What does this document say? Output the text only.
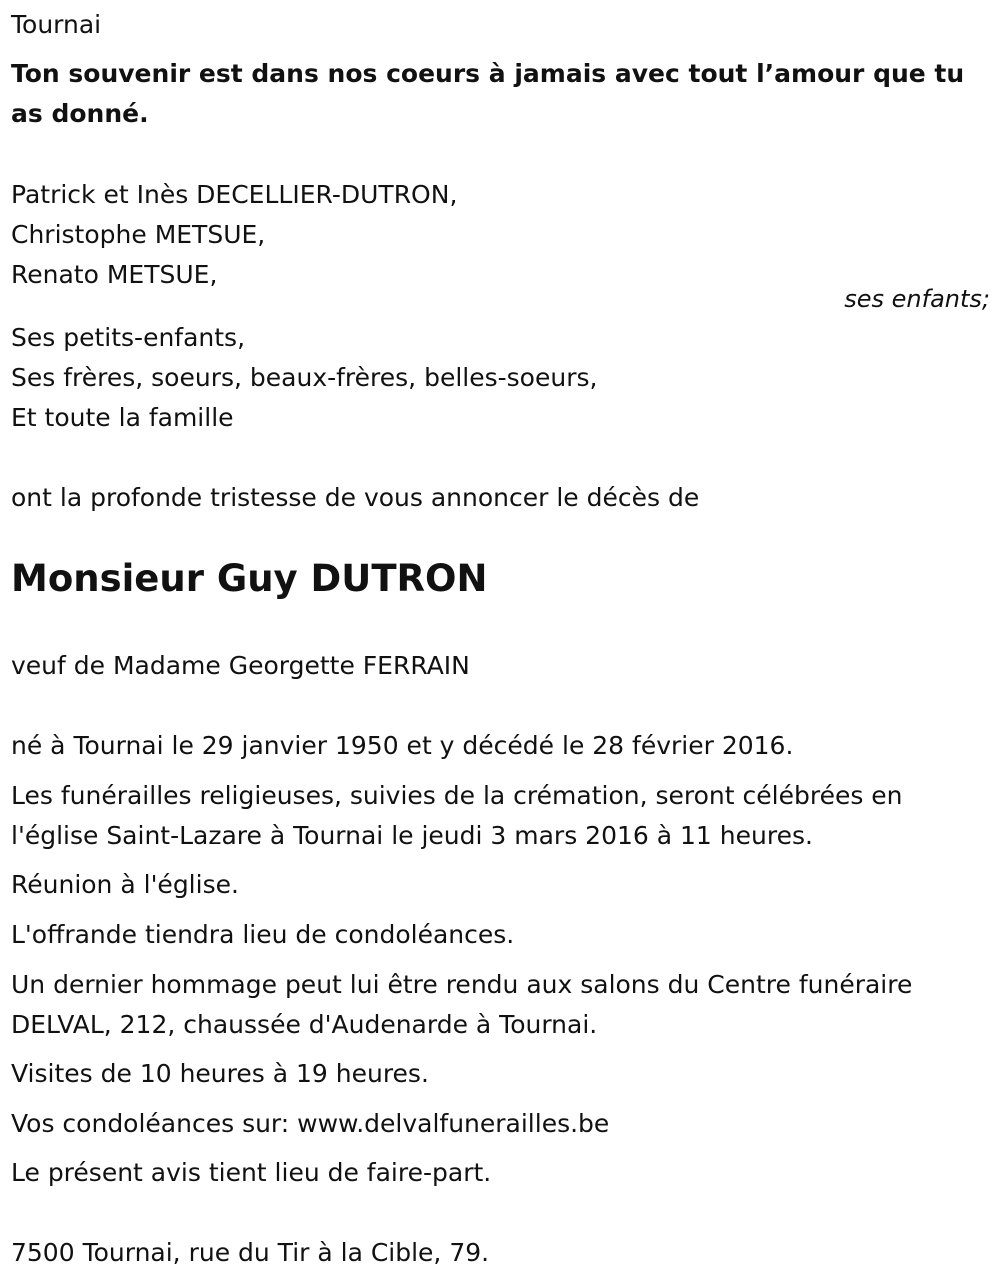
Tournai
Ton souvenir est dans nos coeurs à jamais avec tout l’amour que tu as donné.
Patrick et Inès DECELLIER-DUTRON,
Christophe METSUE,
Renato METSUE,
ses enfants;
Ses petits-enfants,
Ses frères, soeurs, beaux-frères, belles-soeurs,
Et toute la famille
ont la profonde tristesse de vous annoncer le décès de
Monsieur Guy DUTRON
veuf de Madame Georgette FERRAIN
né à Tournai le 29 janvier 1950 et y décédé le 28 février 2016.
Les funérailles religieuses, suivies de la crémation, seront célébrées en
l'église Saint-Lazare à Tournai le jeudi 3 mars 2016 à 11 heures.
Réunion à l'église.
L'offrande tiendra lieu de condoléances.
Un dernier hommage peut lui être rendu aux salons du Centre funéraire
DELVAL, 212, chaussée d'Audenarde à Tournai.
Visites de 10 heures à 19 heures.
Vos condoléances sur: www.delvalfunerailles.be
Le présent avis tient lieu de faire-part.
7500 Tournai, rue du Tir à la Cible, 79.
